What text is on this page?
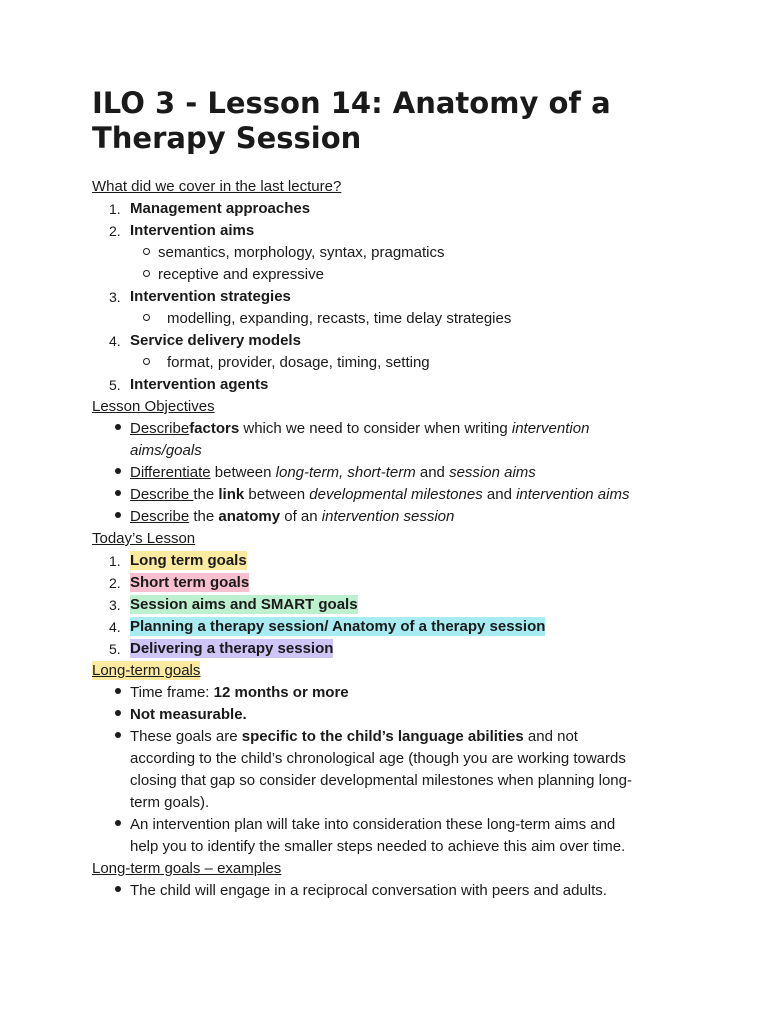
ILO 3 - Lesson 14: Anatomy of a Therapy Session
What did we cover in the last lecture?
1. Management approaches
2. Intervention aims
semantics, morphology, syntax, pragmatics
receptive and expressive
3. Intervention strategies
modelling, expanding, recasts, time delay strategies
4. Service delivery models
format, provider, dosage, timing, setting
5. Intervention agents
Lesson Objectives
Describefactors which we need to consider when writing intervention
aims/goals
Differentiate between long-term, short-term and session aims
Describe the link between developmental milestones and intervention aims
Describe the anatomy of an intervention session
Today’s Lesson
1. Long term goals
2. Short term goals
3. Session aims and SMART goals
4. Planning a therapy session/ Anatomy of a therapy session
5. Delivering a therapy session
Long-term goals
Time frame: 12 months or more
Not measurable.
These goals are specific to the child’s language abilities and not
according to the child’s chronological age (though you are working towards
closing that gap so consider developmental milestones when planning long-
term goals).
An intervention plan will take into consideration these long-term aims and
help you to identify the smaller steps needed to achieve this aim over time.
Long-term goals – examples
The child will engage in a reciprocal conversation with peers and adults.
